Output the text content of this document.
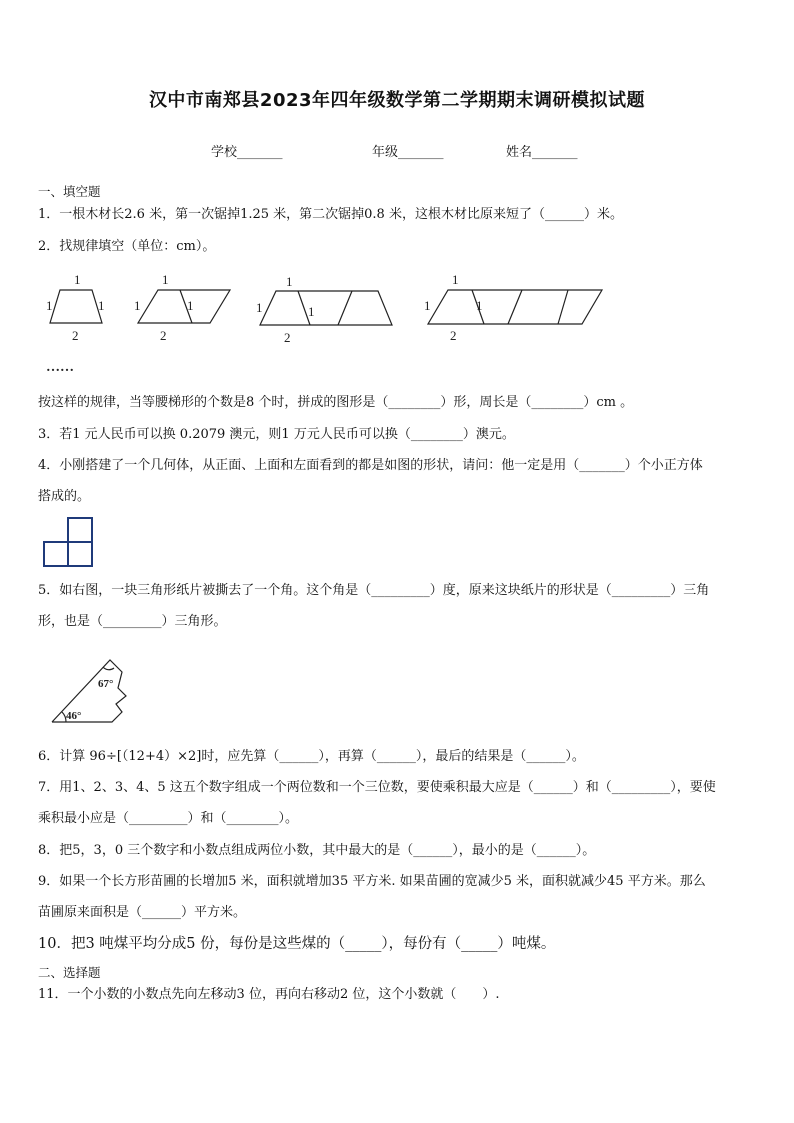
汉中市南郑县2023年四年级数学第二学期期末调研模拟试题
学校_______	年级_______	姓名_______
一、填空题
1．一根木材长2.6 米，第一次锯掉1.25 米，第二次锯掉0.8 米，这根木材比原来短了（______）米。
2．找规律填空（单位：cm）。
1
1	1
2
1
1	1
2
1
1	1
2
1
1	1
2
……
按这样的规律，当等腰梯形的个数是8 个时，拼成的图形是（________）形，周长是（________）cm 。
3．若1 元人民币可以换 0.2079 澳元，则1 万元人民币可以换（________）澳元。
4．小刚搭建了一个几何体，从正面、上面和左面看到的都是如图的形状，请问：他一定是用（_______）个小正方体
搭成的。
5．如右图，一块三角形纸片被撕去了一个角。这个角是（_________）度，原来这块纸片的形状是（_________）三角
形，也是（_________）三角形。
67°
46°
6．计算 96÷[（12+4）×2]时，应先算（______），再算（______），最后的结果是（______）。
7．用1、2、3、4、5 这五个数字组成一个两位数和一个三位数，要使乘积最大应是（______）和（_________），要使
乘积最小应是（_________）和（________）。
8．把5，3，0 三个数字和小数点组成两位小数，其中最大的是（______），最小的是（______）。
9．如果一个长方形苗圃的长增加5 米，面积就增加35 平方米. 如果苗圃的宽减少5 米，面积就减少45 平方米。那么
苗圃原来面积是（______）平方米。
10．把3 吨煤平均分成5 份，每份是这些煤的（_____），每份有（_____）吨煤。
二、选择题
11．一个小数的小数点先向左移动3 位，再向右移动2 位，这个小数就（　　）.
